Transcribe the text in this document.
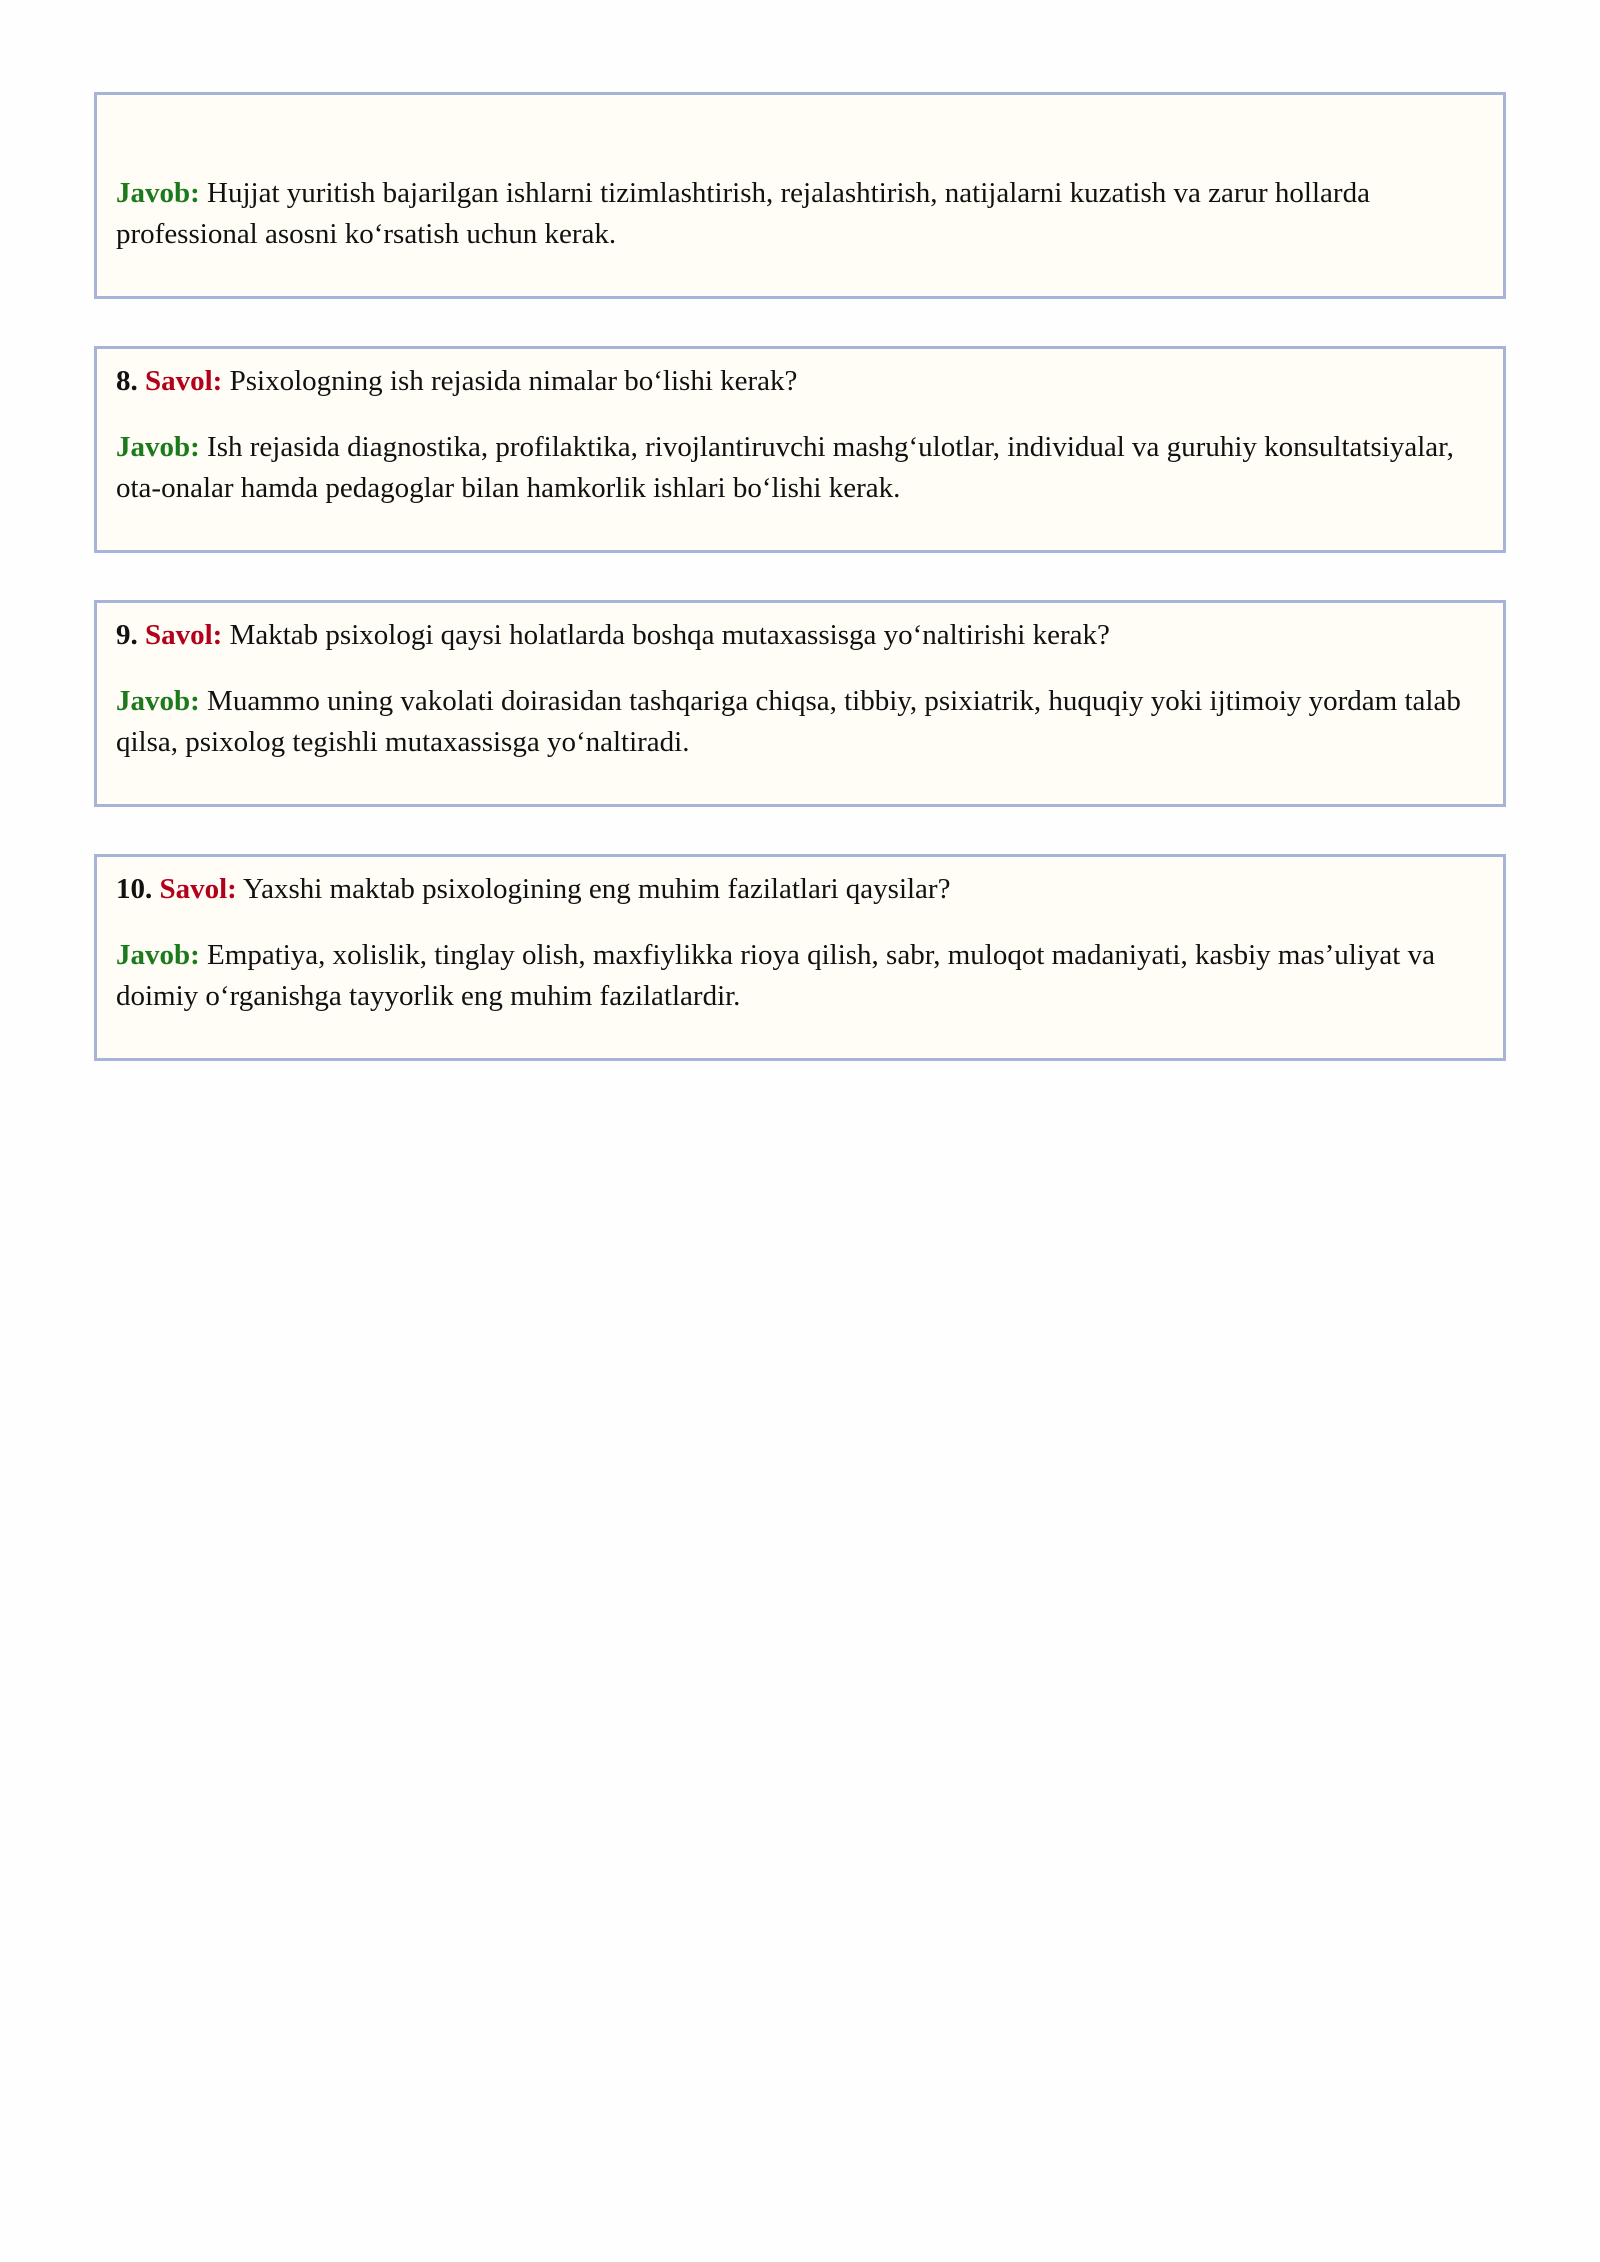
Javob: Hujjat yuritish bajarilgan ishlarni tizimlashtirish, rejalashtirish, natijalarni kuzatish va zarur hollarda professional asosni ko‘rsatish uchun kerak.

8. Savol: Psixologning ish rejasida nimalar bo‘lishi kerak?

Javob: Ish rejasida diagnostika, profilaktika, rivojlantiruvchi mashg‘ulotlar, individual va guruhiy konsultatsiyalar, ota-onalar hamda pedagoglar bilan hamkorlik ishlari bo‘lishi kerak.

9. Savol: Maktab psixologi qaysi holatlarda boshqa mutaxassisga yo‘naltirishi kerak?

Javob: Muammo uning vakolati doirasidan tashqariga chiqsa, tibbiy, psixiatrik, huquqiy yoki ijtimoiy yordam talab qilsa, psixolog tegishli mutaxassisga yo‘naltiradi.

10. Savol: Yaxshi maktab psixologining eng muhim fazilatlari qaysilar?

Javob: Empatiya, xolislik, tinglay olish, maxfiylikka rioya qilish, sabr, muloqot madaniyati, kasbiy mas’uliyat va doimiy o‘rganishga tayyorlik eng muhim fazilatlardir.
